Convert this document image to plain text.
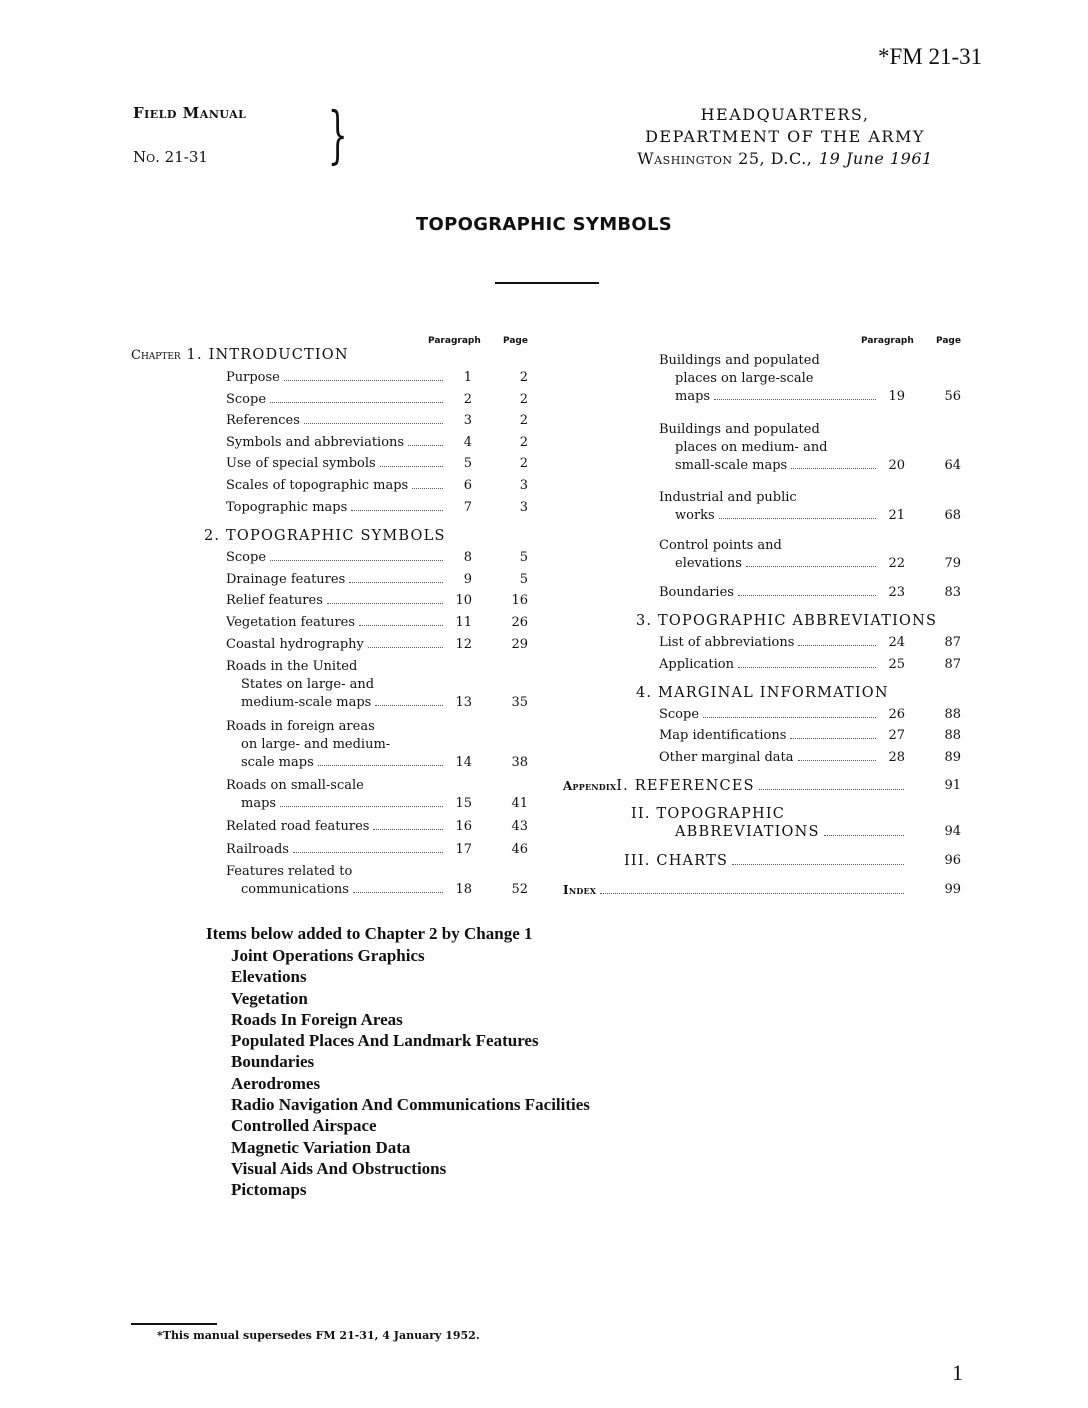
*FM 21-31
Field Manual
No. 21-31 }	HEADQUARTERS,
DEPARTMENT OF THE ARMY
Washington 25, D.C., 19 June 1961
TOPOGRAPHIC SYMBOLS
Paragraph Page	Paragraph Page
Chapter 1. INTRODUCTION
Purpose	1	2
Scope	2	2
References	3	2
Symbols and abbreviations	4	2
Use of special symbols	5	2
Scales of topographic maps	6	3
Topographic maps	7	3
2. TOPOGRAPHIC SYMBOLS
Scope	8	5
Drainage features	9	5
Relief features	10	16
Vegetation features	11	26
Coastal hydrography	12	29
Roads in the United
States on large- and
medium-scale maps	13	35
Roads in foreign areas
on large- and medium-
scale maps	14	38
Roads on small-scale
maps	15	41
Related road features	16	43
Railroads	17	46
Features related to
communications	18	52
Buildings and populated
places on large-scale
maps	19	56
Buildings and populated
places on medium- and
small-scale maps	20	64
Industrial and public
works	21	68
Control points and
elevations	22	79
Boundaries	23	83
3. TOPOGRAPHIC ABBREVIATIONS
List of abbreviations	24	87
Application	25	87
4. MARGINAL INFORMATION
Scope	26	88
Map identifications	27	88
Other marginal data	28	89
Appendix I. REFERENCES	91
II. TOPOGRAPHIC
ABBREVIATIONS	94
III. CHARTS	96
Index	99
Items below added to Chapter 2 by Change 1
Joint Operations Graphics
Elevations
Vegetation
Roads In Foreign Areas
Populated Places And Landmark Features
Boundaries
Aerodromes
Radio Navigation And Communications Facilities
Controlled Airspace
Magnetic Variation Data
Visual Aids And Obstructions
Pictomaps
*This manual supersedes FM 21-31, 4 January 1952.
1
